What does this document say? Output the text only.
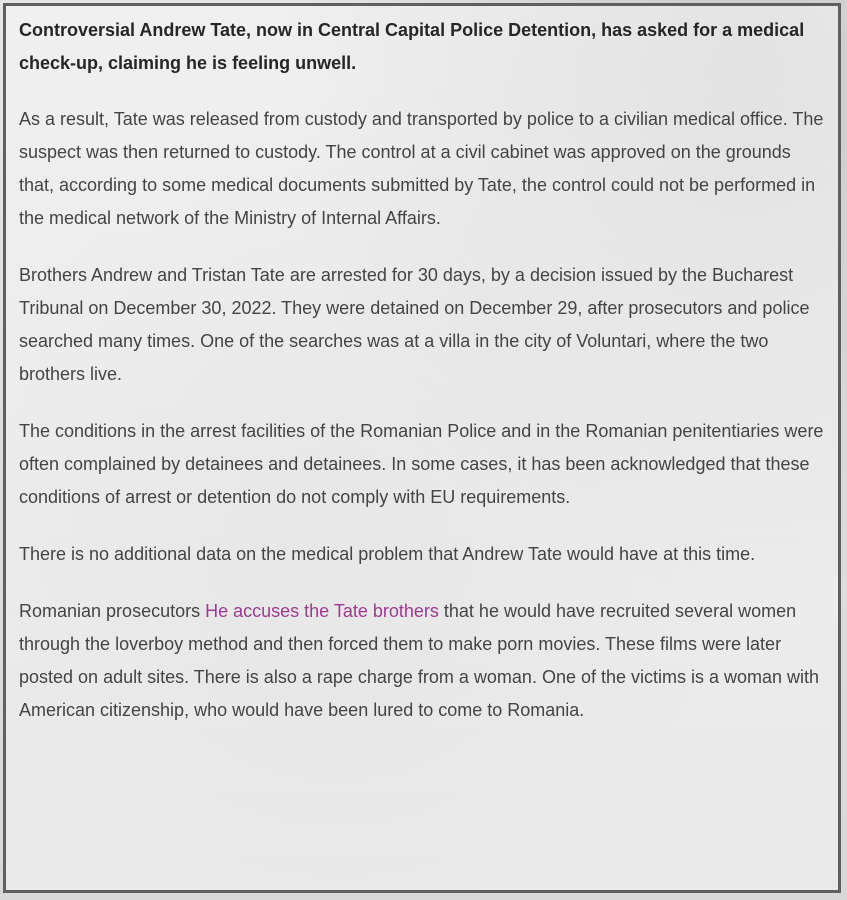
Controversial Andrew Tate, now in Central Capital Police Detention, has asked for a medical check-up, claiming he is feeling unwell.

As a result, Tate was released from custody and transported by police to a civilian medical office. The suspect was then returned to custody. The control at a civil cabinet was approved on the grounds that, according to some medical documents submitted by Tate, the control could not be performed in the medical network of the Ministry of Internal Affairs.

Brothers Andrew and Tristan Tate are arrested for 30 days, by a decision issued by the Bucharest Tribunal on December 30, 2022. They were detained on December 29, after prosecutors and police searched many times. One of the searches was at a villa in the city of Voluntari, where the two brothers live.

The conditions in the arrest facilities of the Romanian Police and in the Romanian penitentiaries were often complained by detainees and detainees. In some cases, it has been acknowledged that these conditions of arrest or detention do not comply with EU requirements.

There is no additional data on the medical problem that Andrew Tate would have at this time.

Romanian prosecutors He accuses the Tate brothers that he would have recruited several women through the loverboy method and then forced them to make porn movies. These films were later posted on adult sites. There is also a rape charge from a woman. One of the victims is a woman with American citizenship, who would have been lured to come to Romania.
